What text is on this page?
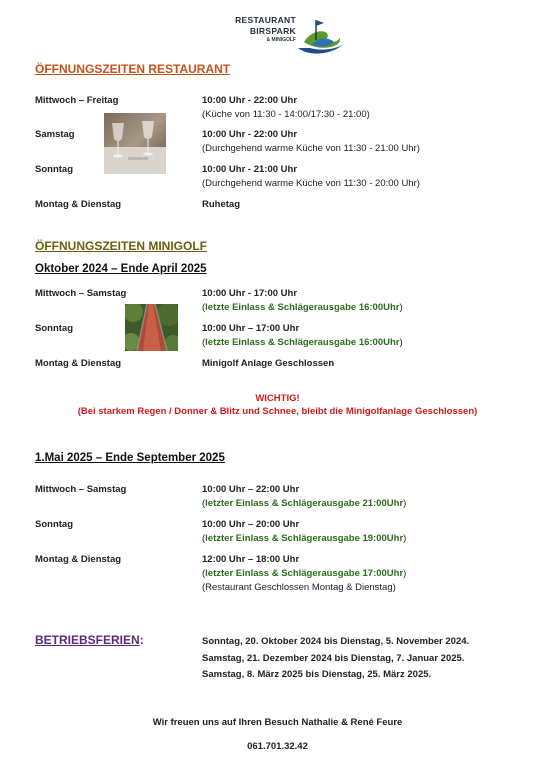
RESTAURANT
BIRSPARK
& MINIGOLF
ÖFFNUNGSZEITEN RESTAURANT
Mittwoch – Freitag	10:00 Uhr - 22:00 Uhr
(Küche von 11:30 - 14:00/17:30 - 21:00)
Samstag	10:00 Uhr - 22:00 Uhr
(Durchgehend warme Küche von 11:30 - 21:00 Uhr)
Sonntag	10:00 Uhr - 21:00 Uhr
(Durchgehend warme Küche von 11:30 - 20:00 Uhr)
Montag & Dienstag	Ruhetag
ÖFFNUNGSZEITEN MINIGOLF
Oktober 2024 – Ende April 2025
Mittwoch – Samstag	10:00 Uhr - 17:00 Uhr
(letzte Einlass & Schlägerausgabe 16:00Uhr)
Sonntag	10:00 Uhr – 17:00 Uhr
(letzte Einlass & Schlägerausgabe 16:00Uhr)
Montag & Dienstag	Minigolf Anlage Geschlossen
WICHTIG!
(Bei starkem Regen / Donner & Blitz und Schnee, bleibt die Minigolfanlage Geschlossen)
1.Mai 2025 – Ende September 2025
Mittwoch – Samstag	10:00 Uhr – 22:00 Uhr
(letzter Einlass & Schlägerausgabe 21:00Uhr)
Sonntag	10:00 Uhr – 20:00 Uhr
(letzter Einlass & Schlägerausgabe 19:00Uhr)
Montag & Dienstag	12:00 Uhr – 18:00 Uhr
(letzter Einlass & Schlägerausgabe 17:00Uhr)
(Restaurant Geschlossen Montag & Dienstag)
BETRIEBSFERIEN:	Sonntag, 20. Oktober 2024 bis Dienstag, 5. November 2024.
Samstag, 21. Dezember 2024 bis Dienstag, 7. Januar 2025.
Samstag, 8. März 2025 bis Dienstag, 25. März 2025.
Wir freuen uns auf Ihren Besuch Nathalie & René Feure
061.701.32.42
